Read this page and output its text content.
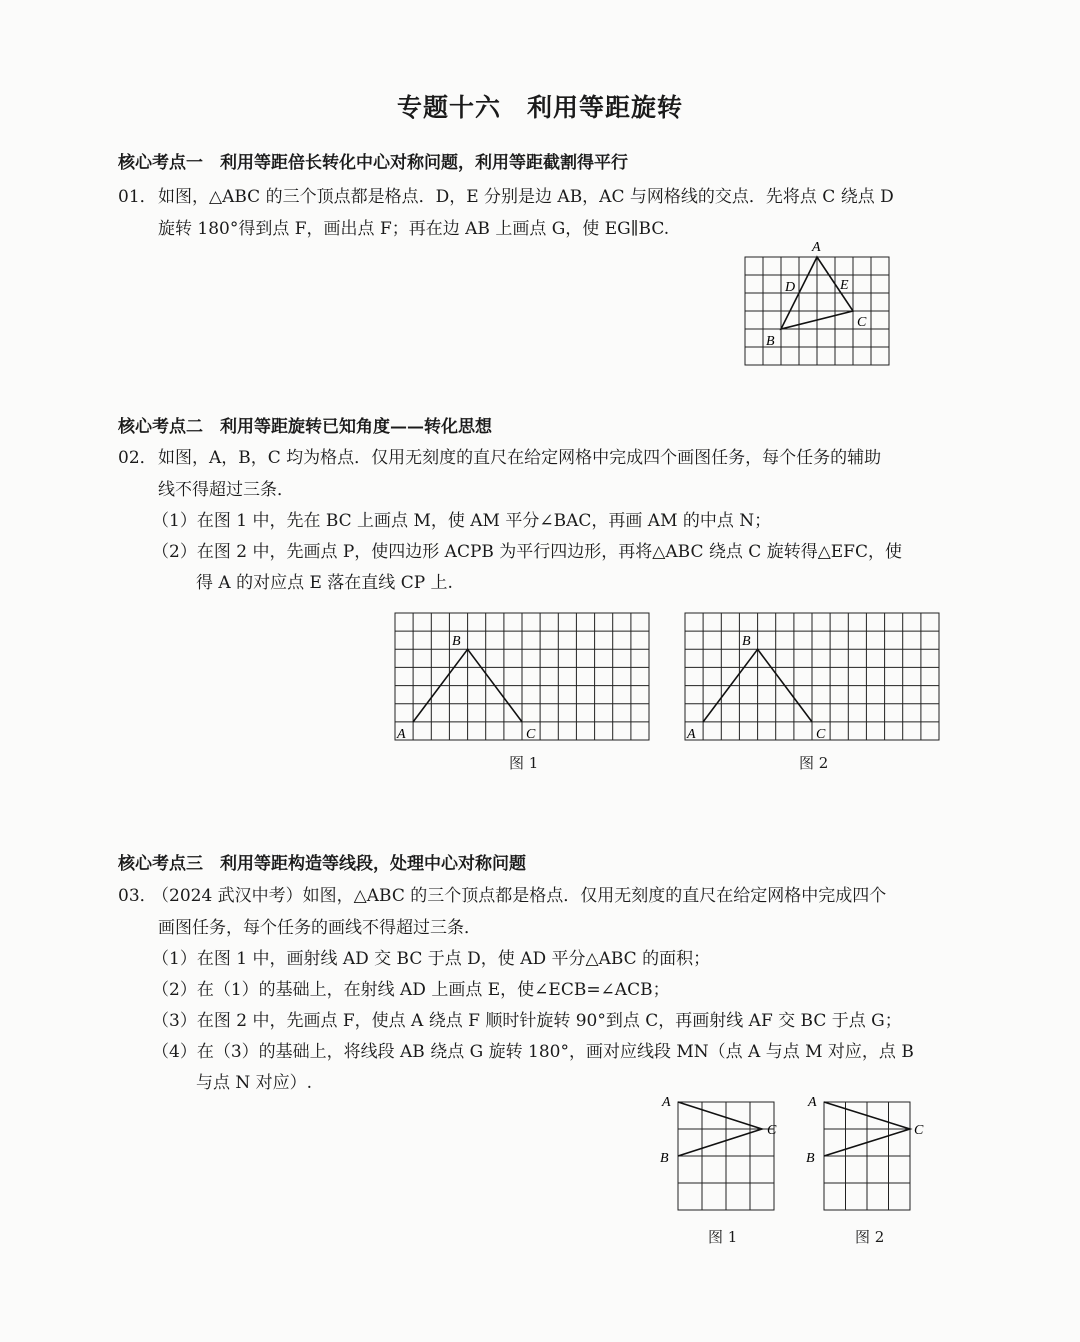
专题十六　利用等距旋转
核心考点一　利用等距倍长转化中心对称问题，利用等距截割得平行
01． 如图，△ABC 的三个顶点都是格点．D，E 分别是边 AB，AC 与网格线的交点．先将点 C 绕点 D
旋转 180°得到点 F，画出点 F；再在边 AB 上画点 G，使 EG∥BC.
A
B
C
D	E
核心考点二　利用等距旋转已知角度——转化思想
02． 如图，A，B，C 均为格点．仅用无刻度的直尺在给定网格中完成四个画图任务，每个任务的辅助
线不得超过三条．
（1）在图 1 中，先在 BC 上画点 M，使 AM 平分∠BAC，再画 AM 的中点 N；
（2）在图 2 中，先画点 P，使四边形 ACPB 为平行四边形，再将△ABC 绕点 C 旋转得△EFC，使
得 A 的对应点 E 落在直线 CP 上.
B
A	C
图 1
B
A	C
图 2
核心考点三　利用等距构造等线段，处理中心对称问题
03．
（2024 武汉中考）如图，△ABC 的三个顶点都是格点．仅用无刻度的直尺在给定网格中完成四个
画图任务，每个任务的画线不得超过三条．
（1）在图 1 中，画射线 AD 交 BC 于点 D，使 AD 平分△ABC 的面积；
（2）在（1）的基础上，在射线 AD 上画点 E，使∠ECB=∠ACB；
（3）在图 2 中，先画点 F，使点 A 绕点 F 顺时针旋转 90°到点 C，再画射线 AF 交 BC 于点 G；
（4）在（3）的基础上，将线段 AB 绕点 G 旋转 180°，画对应线段 MN（点 A 与点 M 对应，点 B
与点 N 对应）.
A
B
C
图 1
A
B
C
图 2
